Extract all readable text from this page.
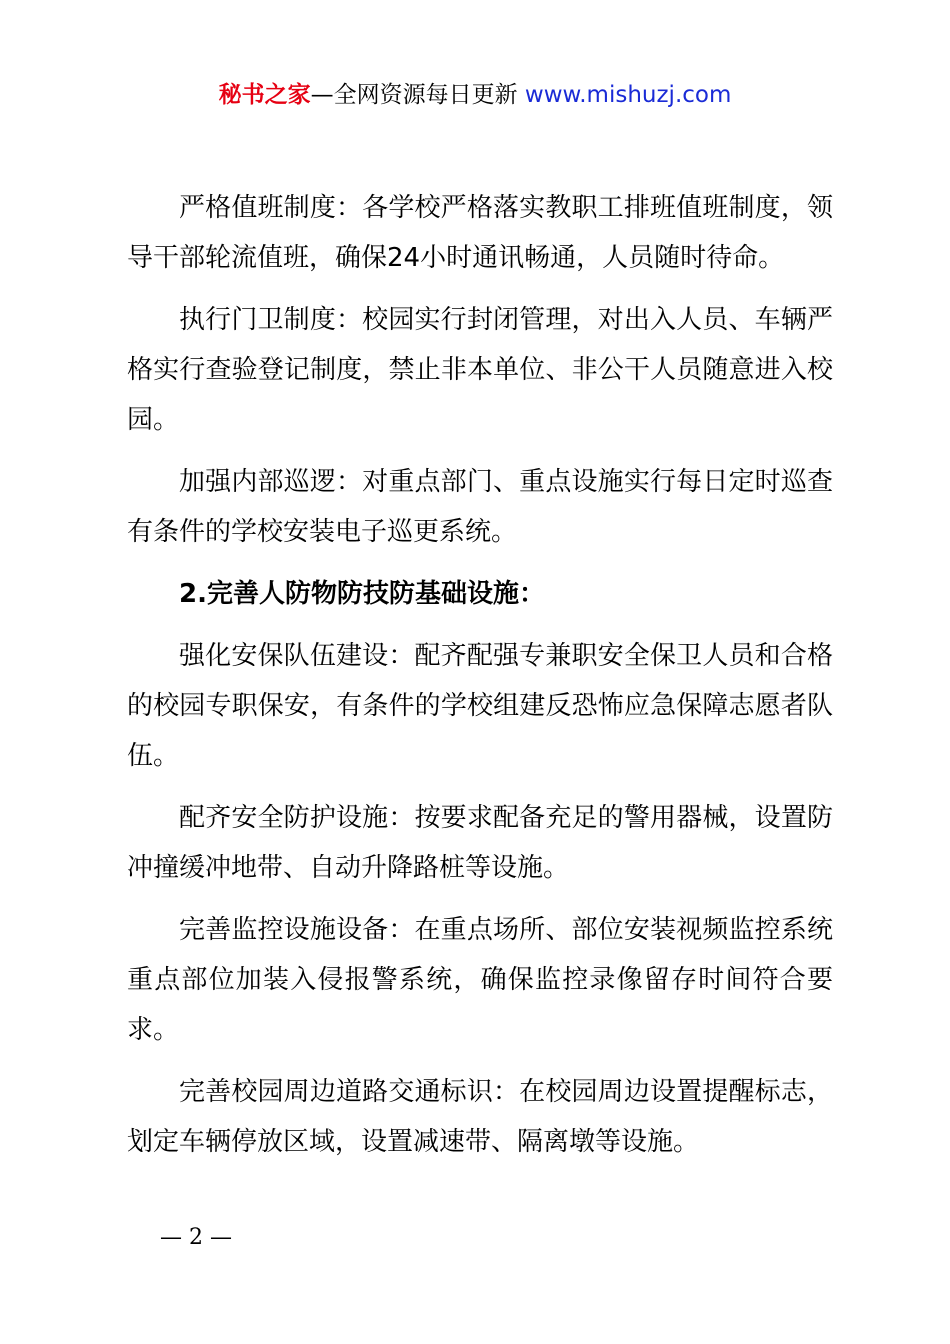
秘书之家—全网资源每日更新 www.mishuzj.com

严格值班制度：各学校严格落实教职工排班值班制度，领导干部轮流值班，确保24小时通讯畅通，人员随时待命。

执行门卫制度：校园实行封闭管理，对出入人员、车辆严格实行查验登记制度，禁止非本单位、非公干人员随意进入校园。

加强内部巡逻：对重点部门、重点设施实行每日定时巡查有条件的学校安装电子巡更系统。

2.完善人防物防技防基础设施：

强化安保队伍建设：配齐配强专兼职安全保卫人员和合格的校园专职保安，有条件的学校组建反恐怖应急保障志愿者队伍。

配齐安全防护设施：按要求配备充足的警用器械，设置防冲撞缓冲地带、自动升降路桩等设施。

完善监控设施设备：在重点场所、部位安装视频监控系统重点部位加装入侵报警系统，确保监控录像留存时间符合要求。

完善校园周边道路交通标识：在校园周边设置提醒标志，划定车辆停放区域，设置减速带、隔离墩等设施。

— 2 —
